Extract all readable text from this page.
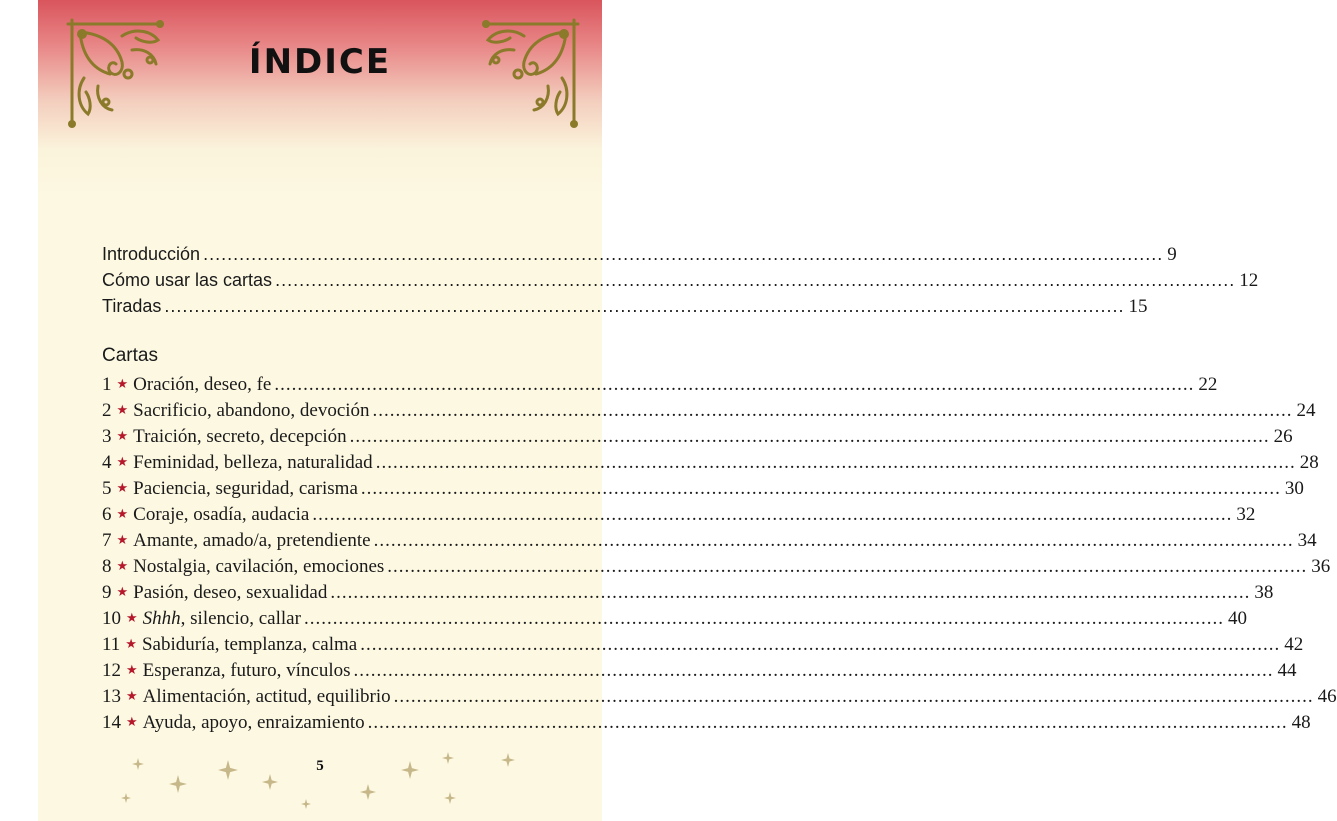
ÍNDICE
Cartas
5
Introducción ................................................................................................................................................................ 9
Cómo usar las cartas ................................................................................................................................................................ 12
Tiradas ................................................................................................................................................................ 15
1 ★ Oración, deseo, fe ................................................................................................................................................................ 22
2 ★ Sacrificio, abandono, devoción ................................................................................................................................................................ 24
3 ★ Traición, secreto, decepción ................................................................................................................................................................ 26
4 ★ Feminidad, belleza, naturalidad ................................................................................................................................................................ 28
5 ★ Paciencia, seguridad, carisma ................................................................................................................................................................ 30
6 ★ Coraje, osadía, audacia ................................................................................................................................................................ 32
7 ★ Amante, amado/a, pretendiente ................................................................................................................................................................ 34
8 ★ Nostalgia, cavilación, emociones ................................................................................................................................................................ 36
9 ★ Pasión, deseo, sexualidad ................................................................................................................................................................ 38
10 ★ Shhh, silencio, callar ................................................................................................................................................................ 40
11 ★ Sabiduría, templanza, calma ................................................................................................................................................................ 42
12 ★ Esperanza, futuro, vínculos ................................................................................................................................................................ 44
13 ★ Alimentación, actitud, equilibrio ................................................................................................................................................................ 46
14 ★ Ayuda, apoyo, enraizamiento ................................................................................................................................................................ 48
